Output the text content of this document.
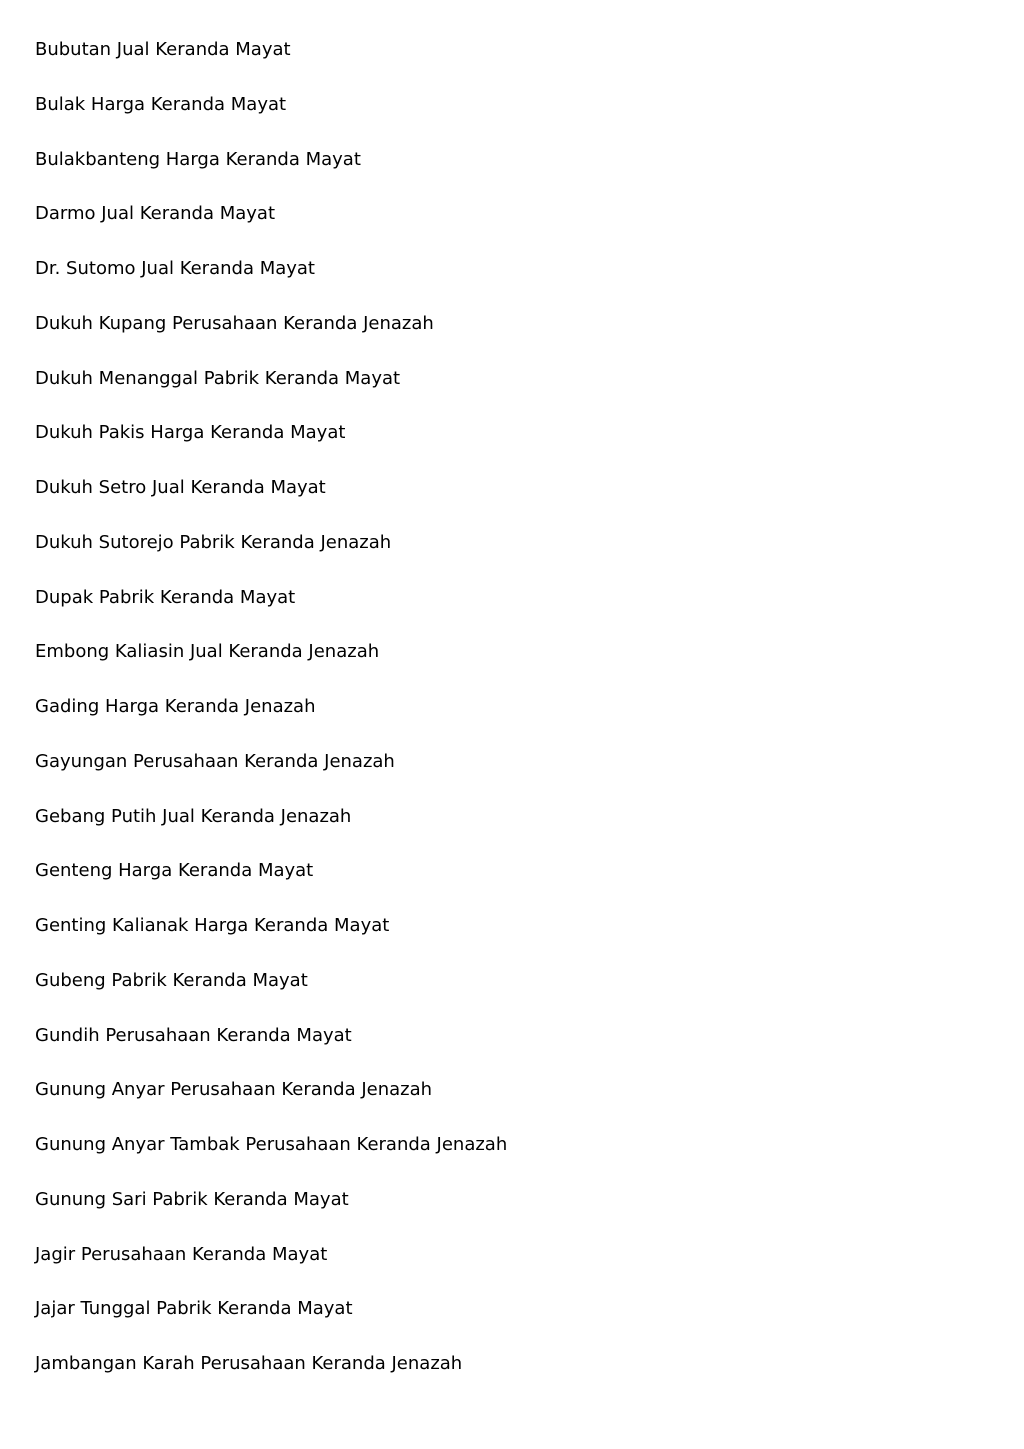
Bubutan Jual Keranda Mayat
Bulak Harga Keranda Mayat
Bulakbanteng Harga Keranda Mayat
Darmo Jual Keranda Mayat
Dr. Sutomo Jual Keranda Mayat
Dukuh Kupang Perusahaan Keranda Jenazah
Dukuh Menanggal Pabrik Keranda Mayat
Dukuh Pakis Harga Keranda Mayat
Dukuh Setro Jual Keranda Mayat
Dukuh Sutorejo Pabrik Keranda Jenazah
Dupak Pabrik Keranda Mayat
Embong Kaliasin Jual Keranda Jenazah
Gading Harga Keranda Jenazah
Gayungan Perusahaan Keranda Jenazah
Gebang Putih Jual Keranda Jenazah
Genteng Harga Keranda Mayat
Genting Kalianak Harga Keranda Mayat
Gubeng Pabrik Keranda Mayat
Gundih Perusahaan Keranda Mayat
Gunung Anyar Perusahaan Keranda Jenazah
Gunung Anyar Tambak Perusahaan Keranda Jenazah
Gunung Sari Pabrik Keranda Mayat
Jagir Perusahaan Keranda Mayat
Jajar Tunggal Pabrik Keranda Mayat
Jambangan Karah Perusahaan Keranda Jenazah
